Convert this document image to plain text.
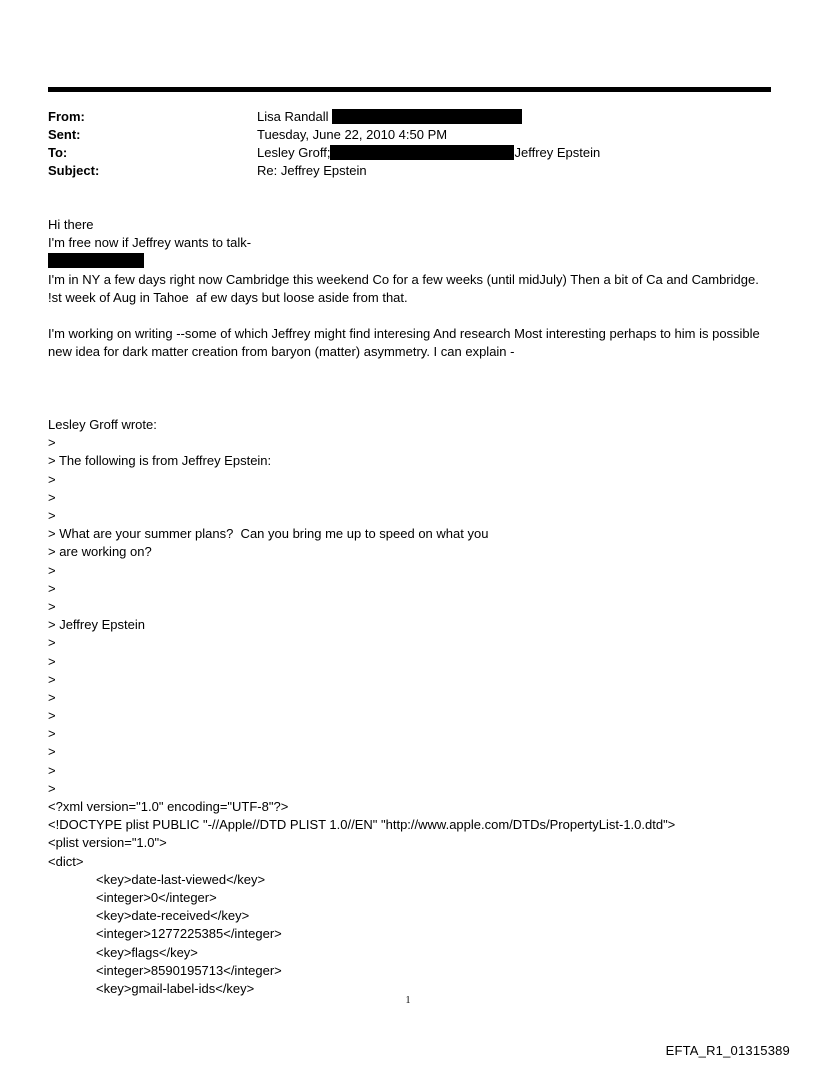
From:	Lisa Randall
Sent:	Tuesday, June 22, 2010 4:50 PM
To:	Lesley Groff;	Jeffrey Epstein
Subject:	Re: Jeffrey Epstein
Hi there
I'm free now if Jeffrey wants to talk-
I'm in NY a few days right now Cambridge this weekend Co for a few weeks (until midJuly) Then a bit of Ca and Cambridge.
!st week of Aug in Tahoe  af ew days but loose aside from that.
I'm working on writing --some of which Jeffrey might find interesing And research Most interesting perhaps to him is possible new idea for dark matter creation from baryon (matter) asymmetry. I can explain -
Lesley Groff wrote:
>
> The following is from Jeffrey Epstein:
>
>
>
> What are your summer plans?  Can you bring me up to speed on what you
> are working on?
>
>
>
> Jeffrey Epstein
>
>
>
>
>
>
>
>
>
<?xml version="1.0" encoding="UTF-8"?>
<!DOCTYPE plist PUBLIC "-//Apple//DTD PLIST 1.0//EN" "http://www.apple.com/DTDs/PropertyList-1.0.dtd">
<plist version="1.0">
<dict>
<key>date-last-viewed</key>
<integer>0</integer>
<key>date-received</key>
<integer>1277225385</integer>
<key>flags</key>
<integer>8590195713</integer>
<key>gmail-label-ids</key>
1
EFTA_R1_01315389
